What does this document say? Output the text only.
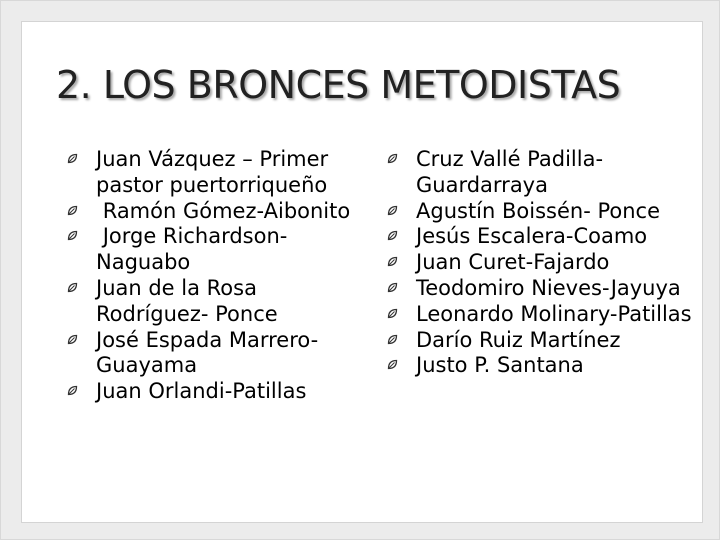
2. LOS BRONCES METODISTAS
Juan Vázquez – Primer pastor puertorriqueño
Ramón Gómez-Aibonito
Jorge Richardson-Naguabo
Juan de la Rosa Rodríguez- Ponce
José Espada Marrero-Guayama
Juan Orlandi-Patillas
Cruz Vallé Padilla-Guardarraya
Agustín Boissén- Ponce
Jesús Escalera-Coamo
Juan Curet-Fajardo
Teodomiro Nieves-Jayuya
Leonardo Molinary-Patillas
Darío Ruiz Martínez
Justo P. Santana
